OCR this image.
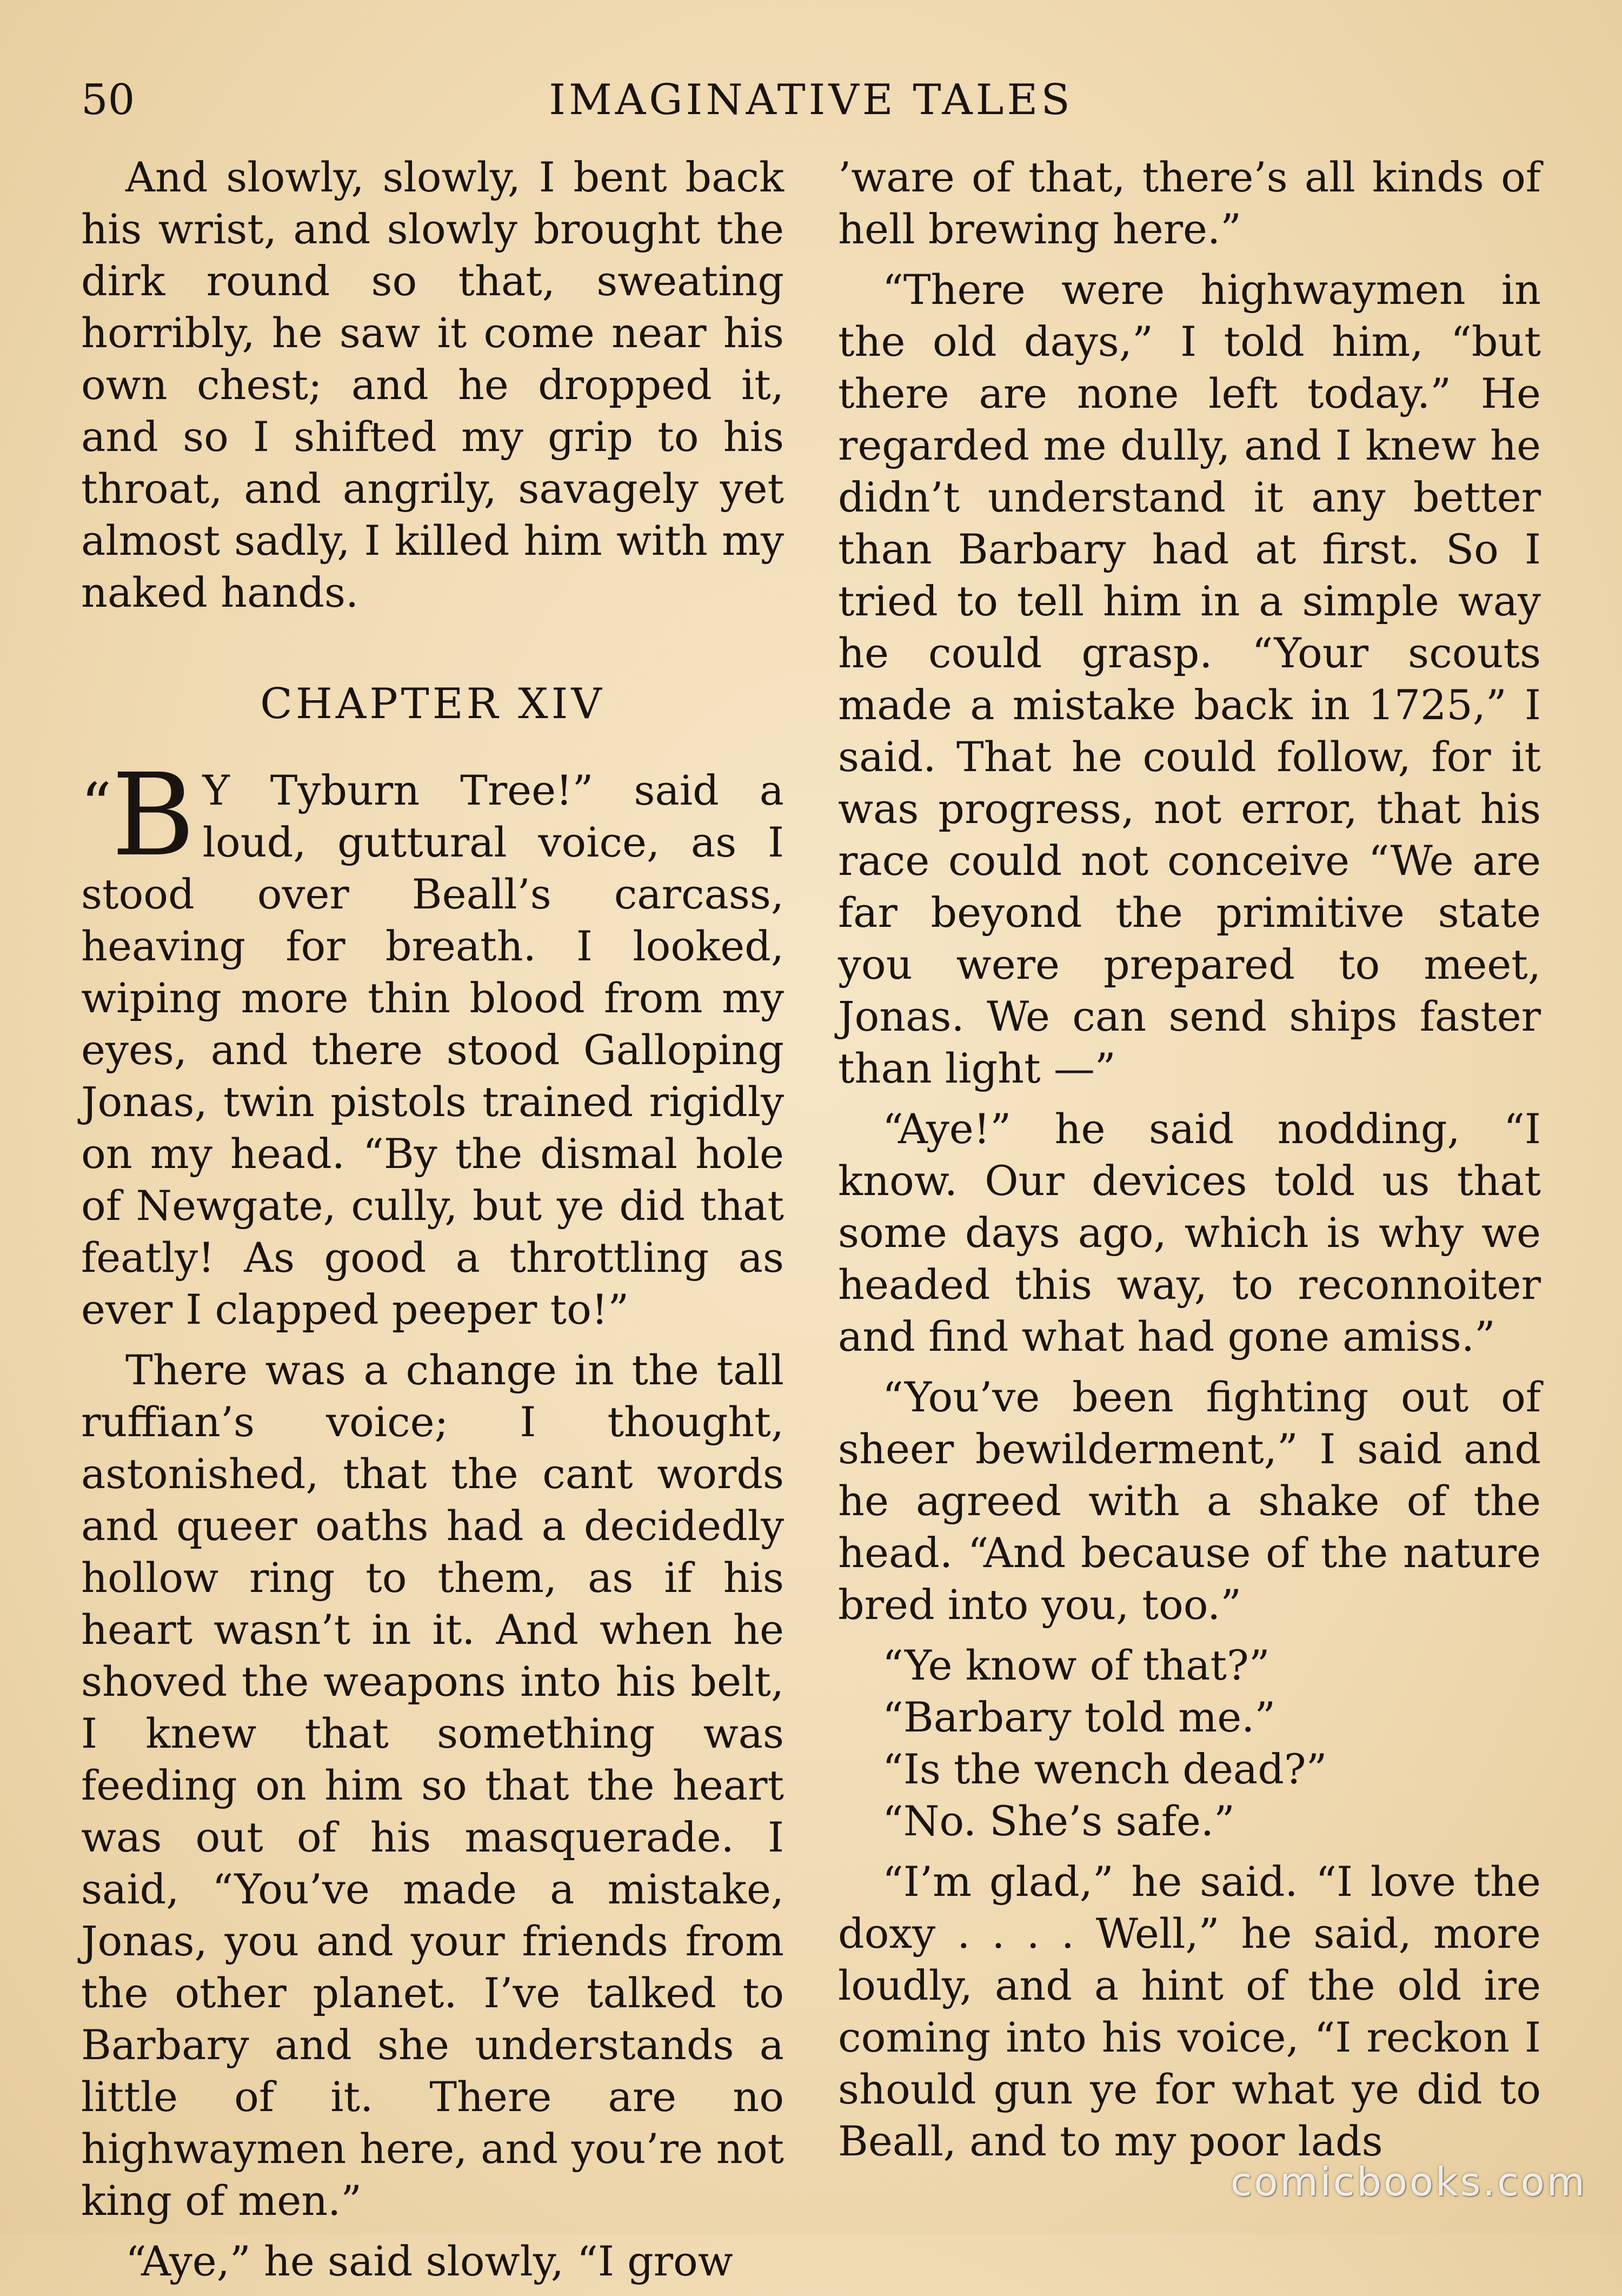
50	IMAGINATIVE TALES

And slowly, slowly, I bent back his wrist, and slowly brought the dirk round so that, sweating horribly, he saw it come near his own chest; and he dropped it, and so I shifted my grip to his throat, and angrily, savagely yet almost sadly, I killed him with my naked hands.

CHAPTER XIV

“B Y Tyburn Tree!” said a loud, guttural voice, as I stood over Beall’s carcass, heaving for breath. I looked, wiping more thin blood from my eyes, and there stood Galloping Jonas, twin pistols trained rigidly on my head. “By the dismal hole of Newgate, cully, but ye did that featly! As good a throttling as ever I clapped peeper to!”

There was a change in the tall ruffian’s voice; I thought, astonished, that the cant words and queer oaths had a decidedly hollow ring to them, as if his heart wasn’t in it. And when he shoved the weapons into his belt, I knew that something was feeding on him so that the heart was out of his masquerade. I said, “You’ve made a mistake, Jonas, you and your friends from the other planet. I’ve talked to Barbary and she understands a little of it. There are no highwaymen here, and you’re not king of men.”

“Aye,” he said slowly, “I grow

’ware of that, there’s all kinds of hell brewing here.”

“There were highwaymen in the old days,” I told him, “but there are none left today.” He regarded me dully, and I knew he didn’t understand it any better than Barbary had at first. So I tried to tell him in a simple way he could grasp. “Your scouts made a mistake back in 1725,” I said. That he could follow, for it was progress, not error, that his race could not conceive “We are far beyond the primitive state you were prepared to meet, Jonas. We can send ships faster than light —”

“Aye!” he said nodding, “I know. Our devices told us that some days ago, which is why we headed this way, to reconnoiter and find what had gone amiss.”

“You’ve been fighting out of sheer bewilderment,” I said and he agreed with a shake of the head. “And because of the nature bred into you, too.”

“Ye know of that?”

“Barbary told me.”

“Is the wench dead?”

“No. She’s safe.”

“I’m glad,” he said. “I love the doxy . . . . Well,” he said, more loudly, and a hint of the old ire coming into his voice, “I reckon I should gun ye for what ye did to Beall, and to my poor lads

comicbooks.com
